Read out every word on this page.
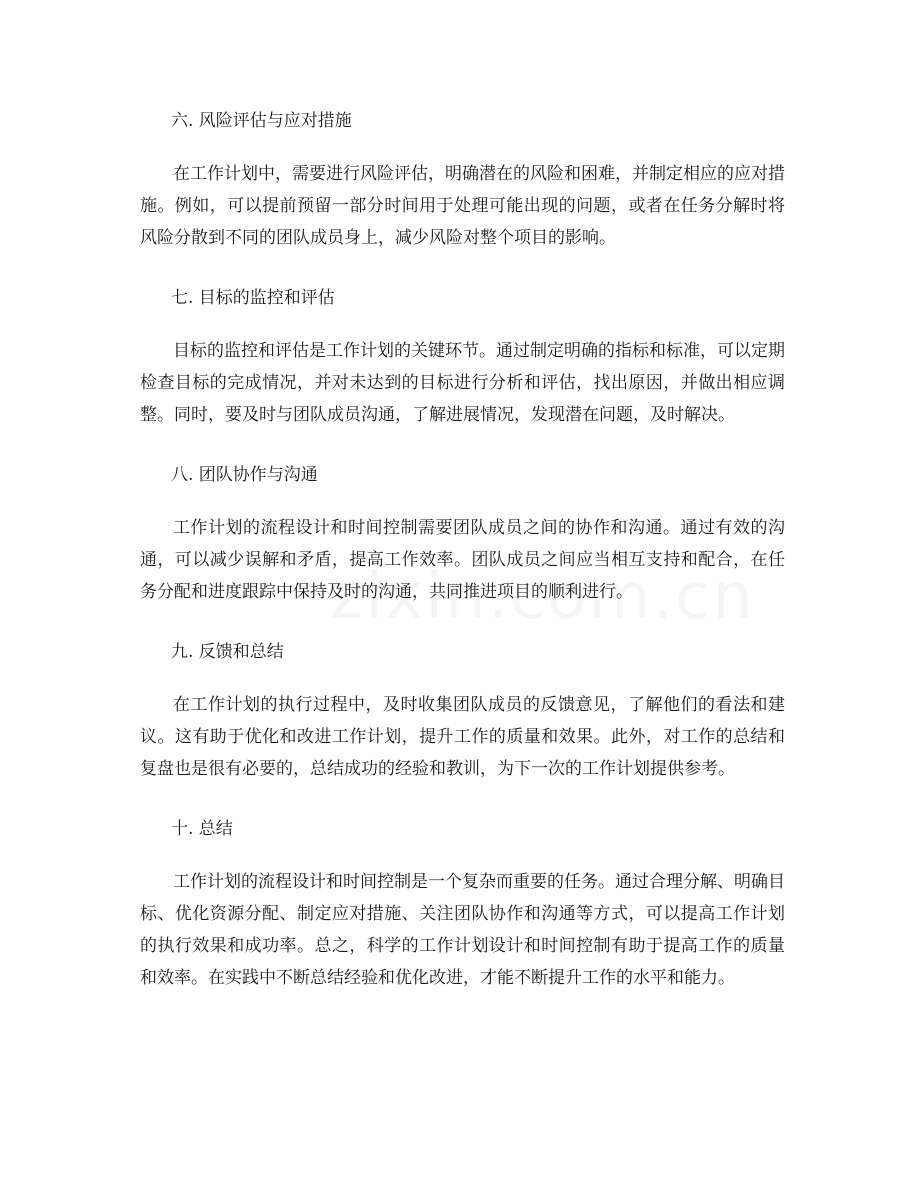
六. 风险评估与应对措施

在工作计划中，需要进行风险评估，明确潜在的风险和困难，并制定相应的应对措施。例如，可以提前预留一部分时间用于处理可能出现的问题，或者在任务分解时将风险分散到不同的团队成员身上，减少风险对整个项目的影响。

七. 目标的监控和评估

目标的监控和评估是工作计划的关键环节。通过制定明确的指标和标准，可以定期检查目标的完成情况，并对未达到的目标进行分析和评估，找出原因，并做出相应调整。同时，要及时与团队成员沟通，了解进展情况，发现潜在问题，及时解决。

八. 团队协作与沟通

工作计划的流程设计和时间控制需要团队成员之间的协作和沟通。通过有效的沟通，可以减少误解和矛盾，提高工作效率。团队成员之间应当相互支持和配合，在任务分配和进度跟踪中保持及时的沟通，共同推进项目的顺利进行。

九. 反馈和总结

在工作计划的执行过程中，及时收集团队成员的反馈意见，了解他们的看法和建议。这有助于优化和改进工作计划，提升工作的质量和效果。此外，对工作的总结和复盘也是很有必要的，总结成功的经验和教训，为下一次的工作计划提供参考。

十. 总结

工作计划的流程设计和时间控制是一个复杂而重要的任务。通过合理分解、明确目标、优化资源分配、制定应对措施、关注团队协作和沟通等方式，可以提高工作计划的执行效果和成功率。总之，科学的工作计划设计和时间控制有助于提高工作的质量和效率。在实践中不断总结经验和优化改进，才能不断提升工作的水平和能力。
